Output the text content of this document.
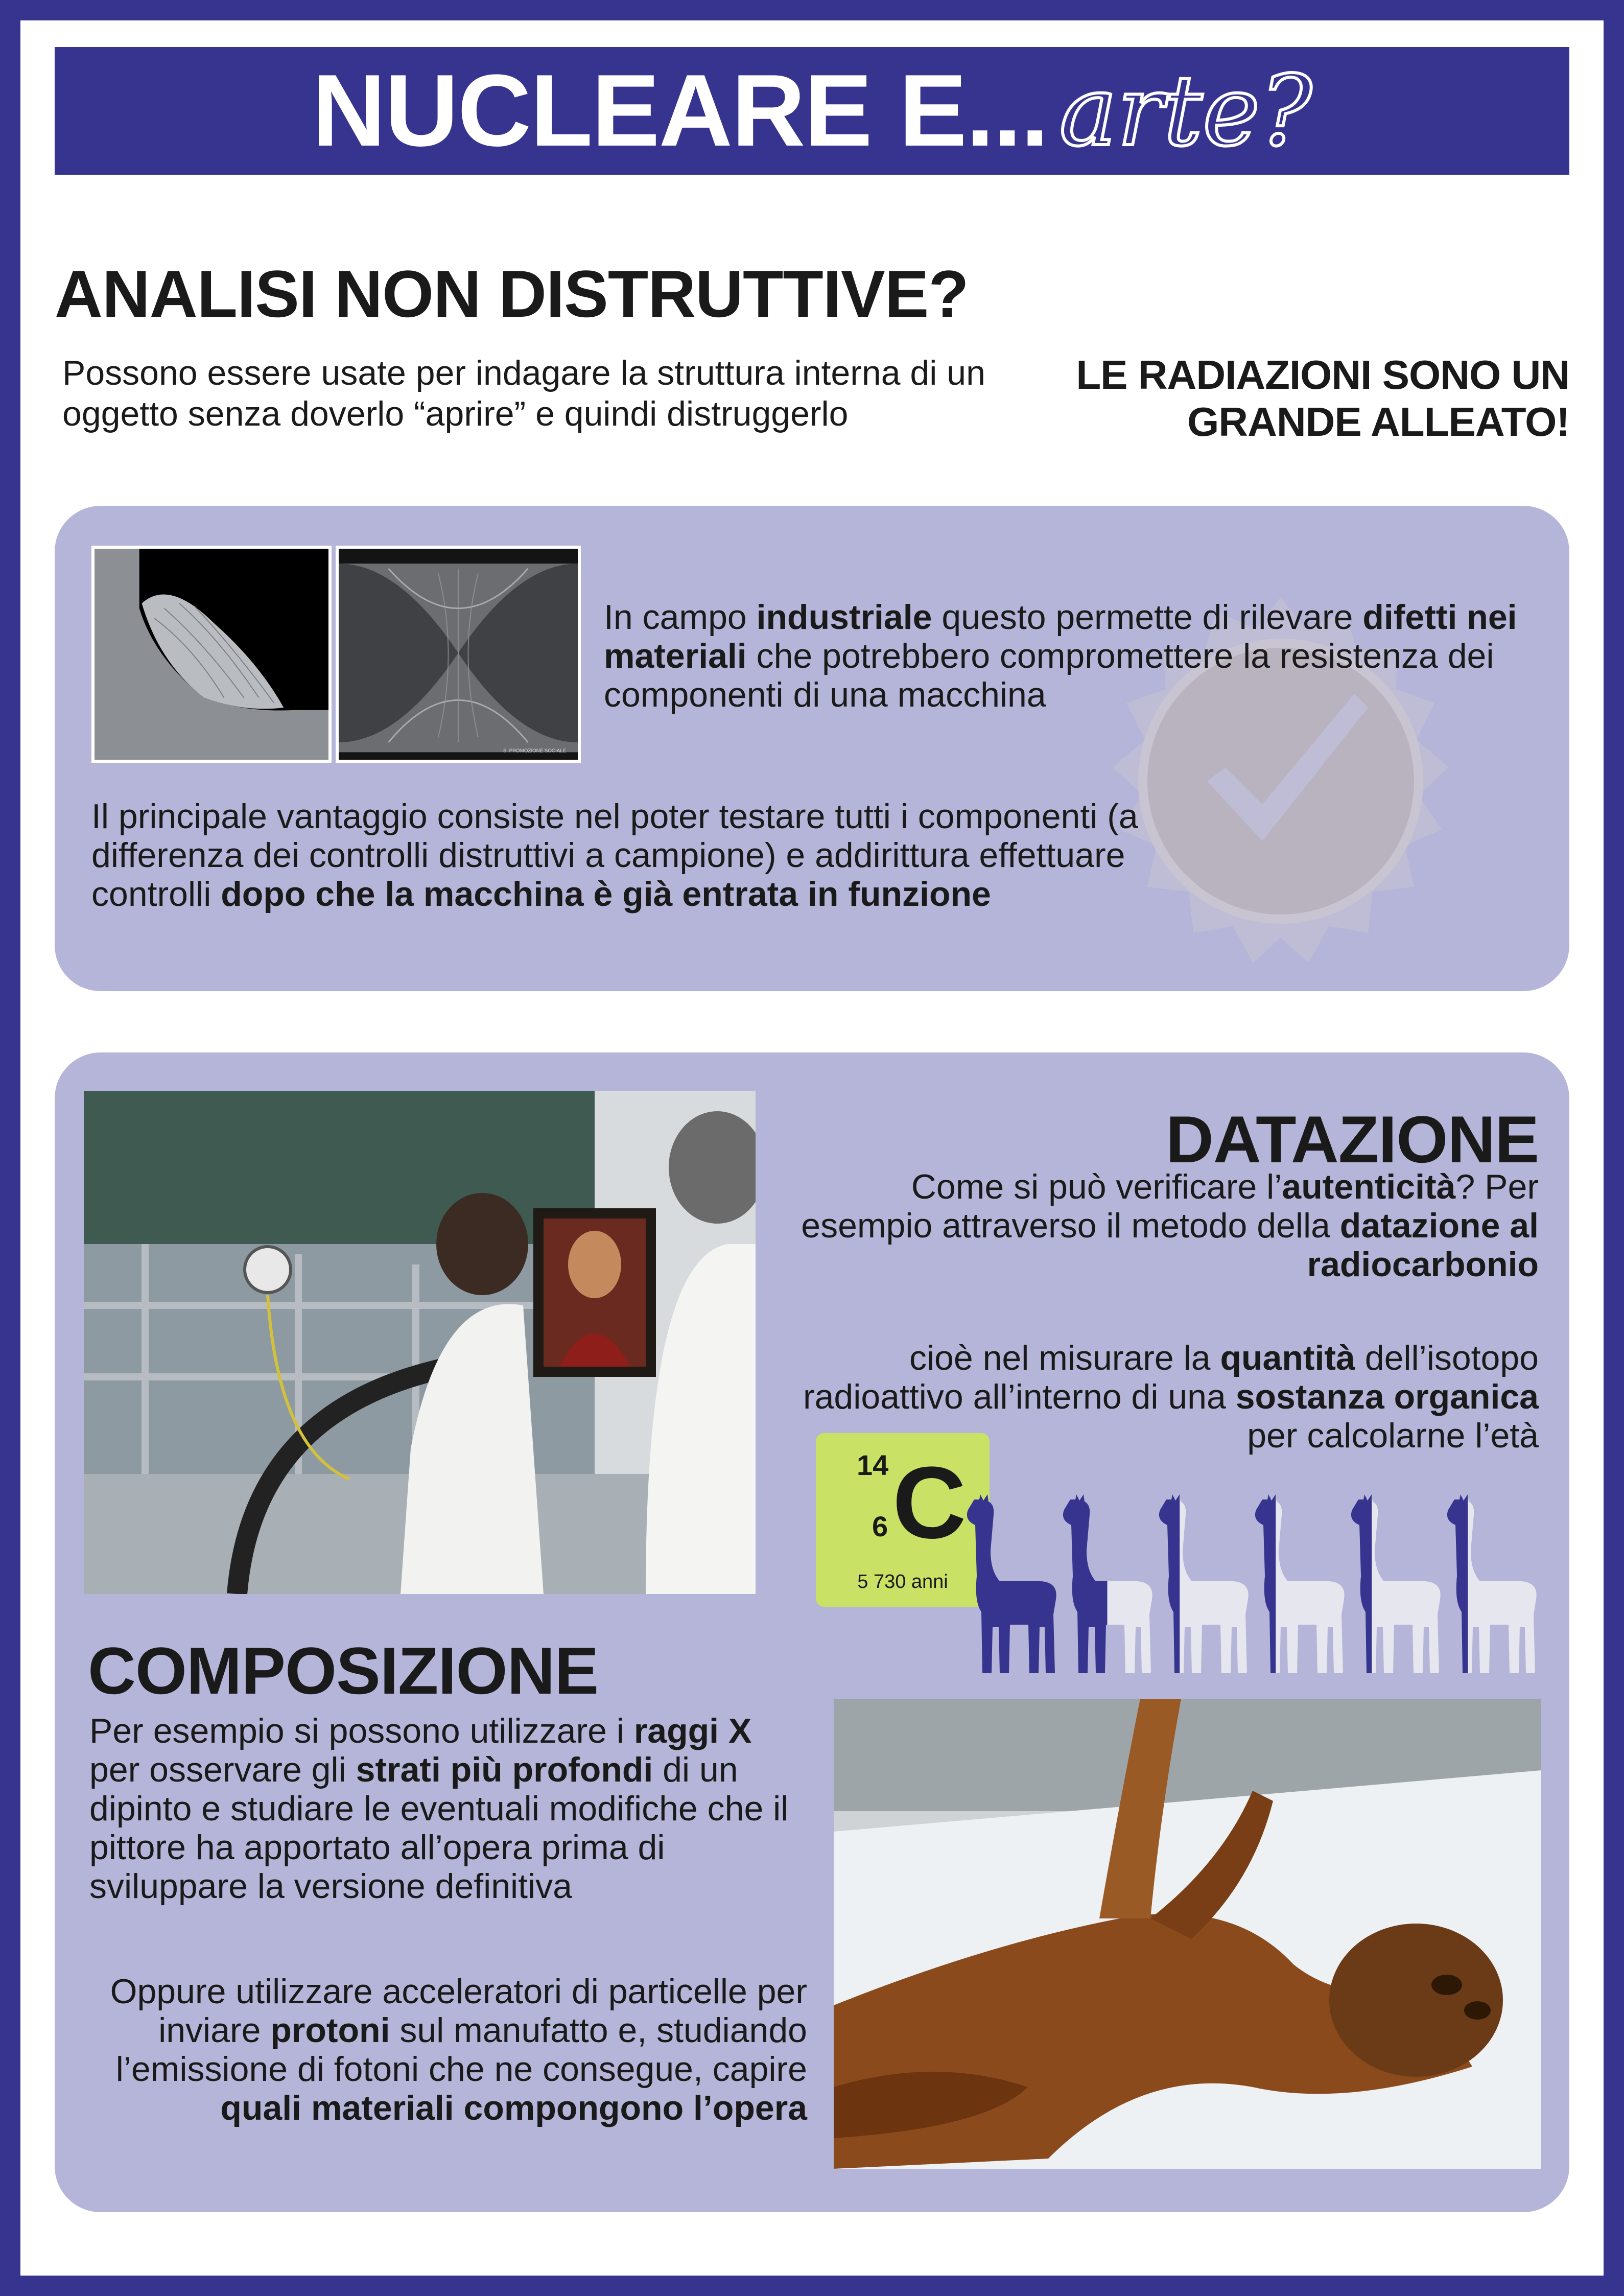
NUCLEARE E... arte?
ANALISI NON DISTRUTTIVE?
Possono essere usate per indagare la struttura interna di un oggetto senza doverlo “aprire” e quindi distruggerlo
LE RADIAZIONI SONO UN GRANDE ALLEATO!
S. PROMOZIONE SOCIALE
In campo industriale questo permette di rilevare difetti nei materiali che potrebbero compromettere la resistenza dei componenti di una macchina
Il principale vantaggio consiste nel poter testare tutti i componenti (a differenza dei controlli distruttivi a campione) e addirittura effettuare controlli dopo che la macchina è già entrata in funzione
DATAZIONE
Come si può verificare l’autenticità? Per esempio attraverso il metodo della datazione al radiocarbonio
cioè nel misurare la quantità dell’isotopo radioattivo all’interno di una sostanza organica per calcolarne l’età
14
6 C
5 730 anni
COMPOSIZIONE
Per esempio si possono utilizzare i raggi X per osservare gli strati più profondi di un dipinto e studiare le eventuali modifiche che il pittore ha apportato all’opera prima di sviluppare la versione definitiva
Oppure utilizzare acceleratori di particelle per inviare protoni sul manufatto e, studiando l’emissione di fotoni che ne consegue, capire quali materiali compongono l’opera
